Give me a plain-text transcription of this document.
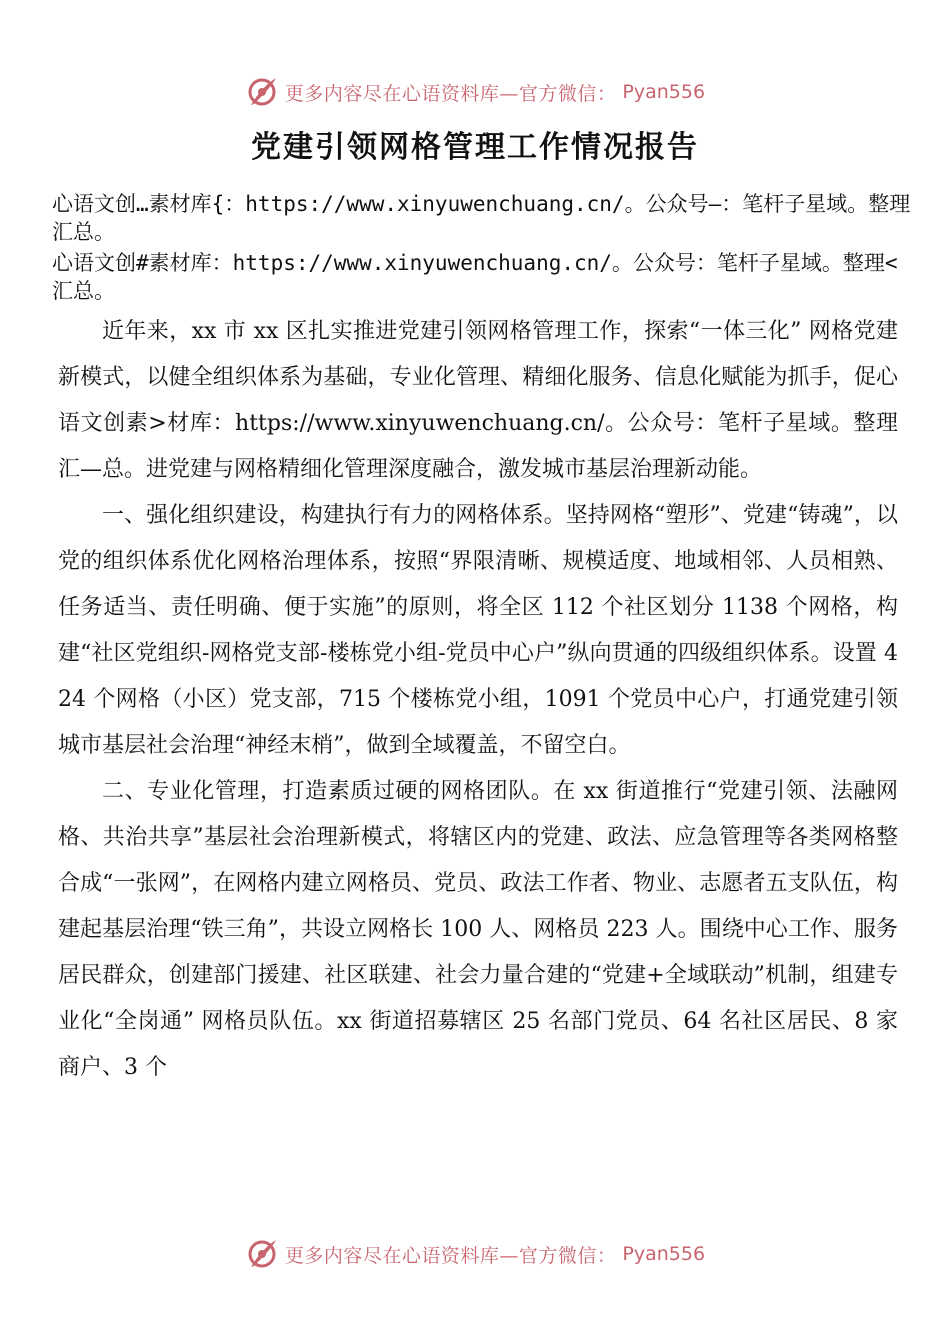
更多内容尽在心语资料库—官方微信： Pyan556
党建引领网格管理工作情况报告

心语文创…素材库{：https://www.xinyuwenchuang.cn/。公众号—：笔杆子星域。整理汇总。

心语文创#素材库：https://www.xinyuwenchuang.cn/。公众号：笔杆子星域。整理<汇总。

近年来，xx 市 xx 区扎实推进党建引领网格管理工作，探索“一体三化” 网格党建新模式，以健全组织体系为基础，专业化管理、精细化服务、信息化赋能为抓手，促心语文创素>材库：https://www.xinyuwenchuang.cn/。公众号：笔杆子星域。整理汇—总。进党建与网格精细化管理深度融合，激发城市基层治理新动能。

一、强化组织建设，构建执行有力的网格体系。坚持网格“塑形”、党建“铸魂”，以党的组织体系优化网格治理体系，按照“界限清晰、规模适度、地域相邻、人员相熟、任务适当、责任明确、便于实施”的原则，将全区 112 个社区划分 1138 个网格，构建“社区党组织-网格党支部-楼栋党小组-党员中心户”纵向贯通的四级组织体系。设置 424 个网格（小区）党支部，715 个楼栋党小组，1091 个党员中心户，打通党建引领城市基层社会治理“神经末梢”，做到全域覆盖，不留空白。

二、专业化管理，打造素质过硬的网格团队。在 xx 街道推行“党建引领、法融网格、共治共享”基层社会治理新模式，将辖区内的党建、政法、应急管理等各类网格整合成“一张网”，在网格内建立网格员、党员、政法工作者、物业、志愿者五支队伍，构建起基层治理“铁三角”，共设立网格长 100 人、网格员 223 人。围绕中心工作、服务居民群众，创建部门援建、社区联建、社会力量合建的“党建+全域联动”机制，组建专业化“全岗通” 网格员队伍。xx 街道招募辖区 25 名部门党员、64 名社区居民、8 家商户、3 个

更多内容尽在心语资料库—官方微信： Pyan556
